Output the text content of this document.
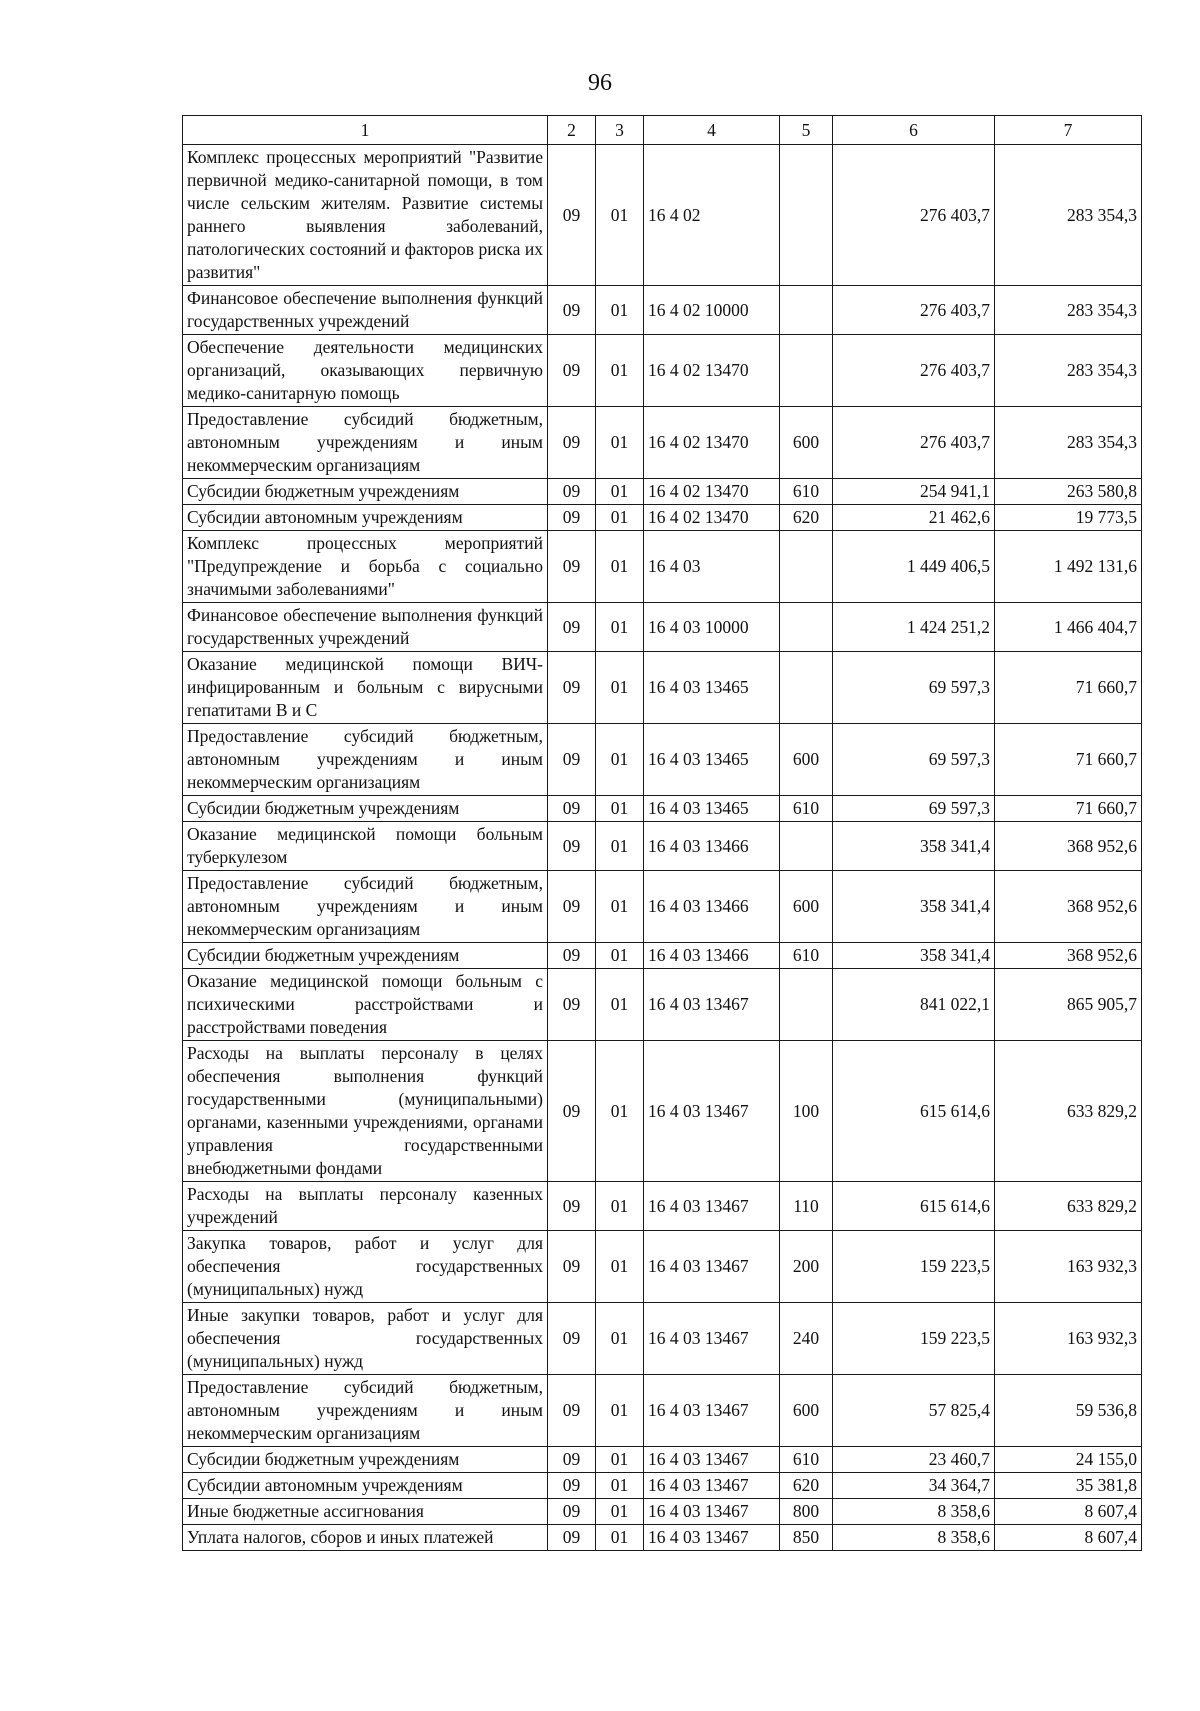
96
1	2	3	4	5	6	7
Комплекс процессных мероприятий "Развитие первичной медико-санитарной помощи, в том числе сельским жителям. Развитие системы раннего выявления заболеваний, патологических состояний и факторов риска их развития"	09	01	16 4 02		276 403,7	283 354,3
Финансовое обеспечение выполнения функций государственных учреждений	09	01	16 4 02 10000		276 403,7	283 354,3
Обеспечение деятельности медицинских организаций, оказывающих первичную медико-санитарную помощь	09	01	16 4 02 13470		276 403,7	283 354,3
Предоставление субсидий бюджетным, автономным учреждениям и иным некоммерческим организациям	09	01	16 4 02 13470	600	276 403,7	283 354,3
Субсидии бюджетным учреждениям	09	01	16 4 02 13470	610	254 941,1	263 580,8
Субсидии автономным учреждениям	09	01	16 4 02 13470	620	21 462,6	19 773,5
Комплекс процессных мероприятий "Предупреждение и борьба с социально значимыми заболеваниями"	09	01	16 4 03		1 449 406,5	1 492 131,6
Финансовое обеспечение выполнения функций государственных учреждений	09	01	16 4 03 10000		1 424 251,2	1 466 404,7
Оказание медицинской помощи ВИЧ-инфицированным и больным с вирусными гепатитами В и С	09	01	16 4 03 13465		69 597,3	71 660,7
Предоставление субсидий бюджетным, автономным учреждениям и иным некоммерческим организациям	09	01	16 4 03 13465	600	69 597,3	71 660,7
Субсидии бюджетным учреждениям	09	01	16 4 03 13465	610	69 597,3	71 660,7
Оказание медицинской помощи больным туберкулезом	09	01	16 4 03 13466		358 341,4	368 952,6
Предоставление субсидий бюджетным, автономным учреждениям и иным некоммерческим организациям	09	01	16 4 03 13466	600	358 341,4	368 952,6
Субсидии бюджетным учреждениям	09	01	16 4 03 13466	610	358 341,4	368 952,6
Оказание медицинской помощи больным с психическими расстройствами и расстройствами поведения	09	01	16 4 03 13467		841 022,1	865 905,7
Расходы на выплаты персоналу в целях обеспечения выполнения функций государственными (муниципальными) органами, казенными учреждениями, органами управления государственными внебюджетными фондами	09	01	16 4 03 13467	100	615 614,6	633 829,2
Расходы на выплаты персоналу казенных учреждений	09	01	16 4 03 13467	110	615 614,6	633 829,2
Закупка товаров, работ и услуг для обеспечения государственных (муниципальных) нужд	09	01	16 4 03 13467	200	159 223,5	163 932,3
Иные закупки товаров, работ и услуг для обеспечения государственных (муниципальных) нужд	09	01	16 4 03 13467	240	159 223,5	163 932,3
Предоставление субсидий бюджетным, автономным учреждениям и иным некоммерческим организациям	09	01	16 4 03 13467	600	57 825,4	59 536,8
Субсидии бюджетным учреждениям	09	01	16 4 03 13467	610	23 460,7	24 155,0
Субсидии автономным учреждениям	09	01	16 4 03 13467	620	34 364,7	35 381,8
Иные бюджетные ассигнования	09	01	16 4 03 13467	800	8 358,6	8 607,4
Уплата налогов, сборов и иных платежей	09	01	16 4 03 13467	850	8 358,6	8 607,4
